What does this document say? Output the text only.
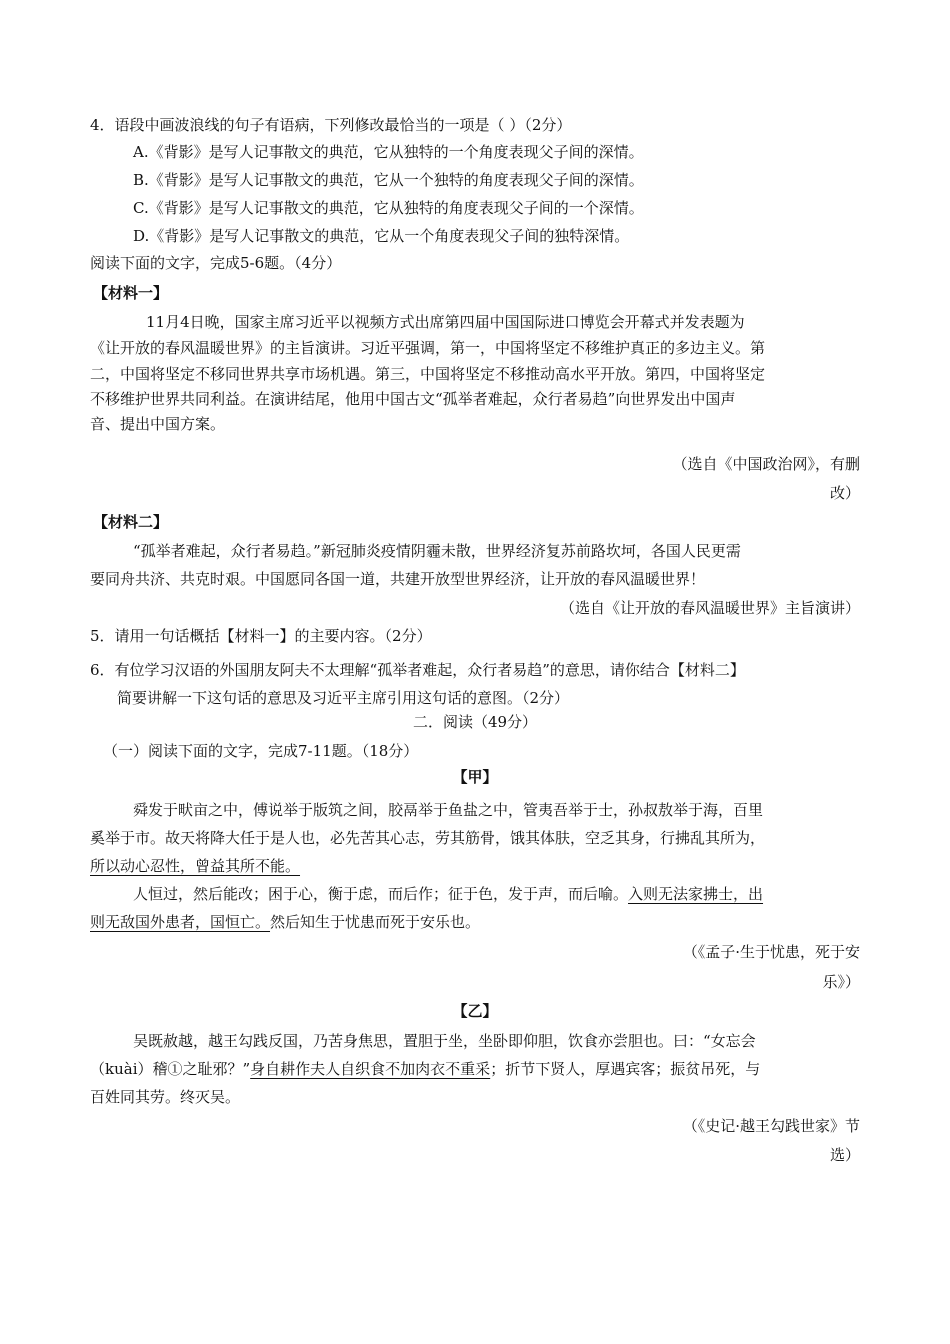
4．语段中画波浪线的句子有语病，下列修改最恰当的一项是（ ）（2分）
A.《背影》是写人记事散文的典范，它从独特的一个角度表现父子间的深情。
B.《背影》是写人记事散文的典范，它从一个独特的角度表现父子间的深情。
C.《背影》是写人记事散文的典范，它从独特的角度表现父子间的一个深情。
D.《背影》是写人记事散文的典范，它从一个角度表现父子间的独特深情。
阅读下面的文字，完成5-6题。（4分）
【材料一】
11月4日晚，国家主席习近平以视频方式出席第四届中国国际进口博览会开幕式并发表题为
《让开放的春风温暖世界》的主旨演讲。习近平强调，第一，中国将坚定不移维护真正的多边主义。第
二，中国将坚定不移同世界共享市场机遇。第三，中国将坚定不移推动高水平开放。第四，中国将坚定
不移维护世界共同利益。在演讲结尾，他用中国古文“孤举者难起，众行者易趋”向世界发出中国声
音、提出中国方案。
（选自《中国政治网》，有删
改）
【材料二】
“孤举者难起，众行者易趋。”新冠肺炎疫情阴霾未散，世界经济复苏前路坎坷，各国人民更需
要同舟共济、共克时艰。中国愿同各国一道，共建开放型世界经济，让开放的春风温暖世界！
（选自《让开放的春风温暖世界》主旨演讲）
5．请用一句话概括【材料一】的主要内容。（2分）
6．有位学习汉语的外国朋友阿夫不太理解“孤举者难起，众行者易趋”的意思，请你结合【材料二】
简要讲解一下这句话的意思及习近平主席引用这句话的意图。（2分）
二．阅读（49分）
（一）阅读下面的文字，完成7-11题。（18分）
【甲】
舜发于畎亩之中，傅说举于版筑之间，胶鬲举于鱼盐之中，管夷吾举于士，孙叔敖举于海，百里
奚举于市。故天将降大任于是人也，必先苦其心志，劳其筋骨，饿其体肤，空乏其身，行拂乱其所为，
所以动心忍性，曾益其所不能。
人恒过，然后能改；困于心，衡于虑，而后作；征于色，发于声，而后喻。入则无法家拂士，出
则无敌国外患者，国恒亡。然后知生于忧患而死于安乐也。
（《孟子·生于忧患，死于安
乐》）
【乙】
吴既赦越，越王勾践反国，乃苦身焦思，置胆于坐，坐卧即仰胆，饮食亦尝胆也。曰：“女忘会
（kuài）稽①之耻邪？”身自耕作夫人自织食不加肉衣不重采；折节下贤人，厚遇宾客；振贫吊死，与
百姓同其劳。终灭吴。
（《史记·越王勾践世家》节
选）
